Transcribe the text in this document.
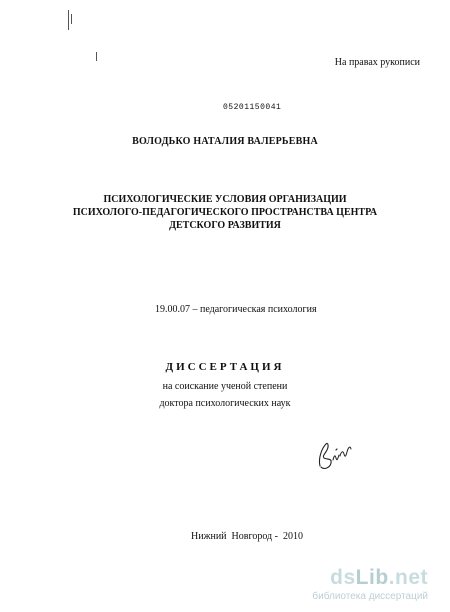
На правах рукописи
05201150041
ВОЛОДЬКО НАТАЛИЯ ВАЛЕРЬЕВНА
ПСИХОЛОГИЧЕСКИЕ УСЛОВИЯ ОРГАНИЗАЦИИ
ПСИХОЛОГО-ПЕДАГОГИЧЕСКОГО ПРОСТРАНСТВА ЦЕНТРА
ДЕТСКОГО РАЗВИТИЯ
19.00.07 – педагогическая психология
ДИССЕРТАЦИЯ
на соискание ученой степени
доктора психологических наук
Нижний  Новгород -  2010
dsLib.net
библиотека диссертаций
